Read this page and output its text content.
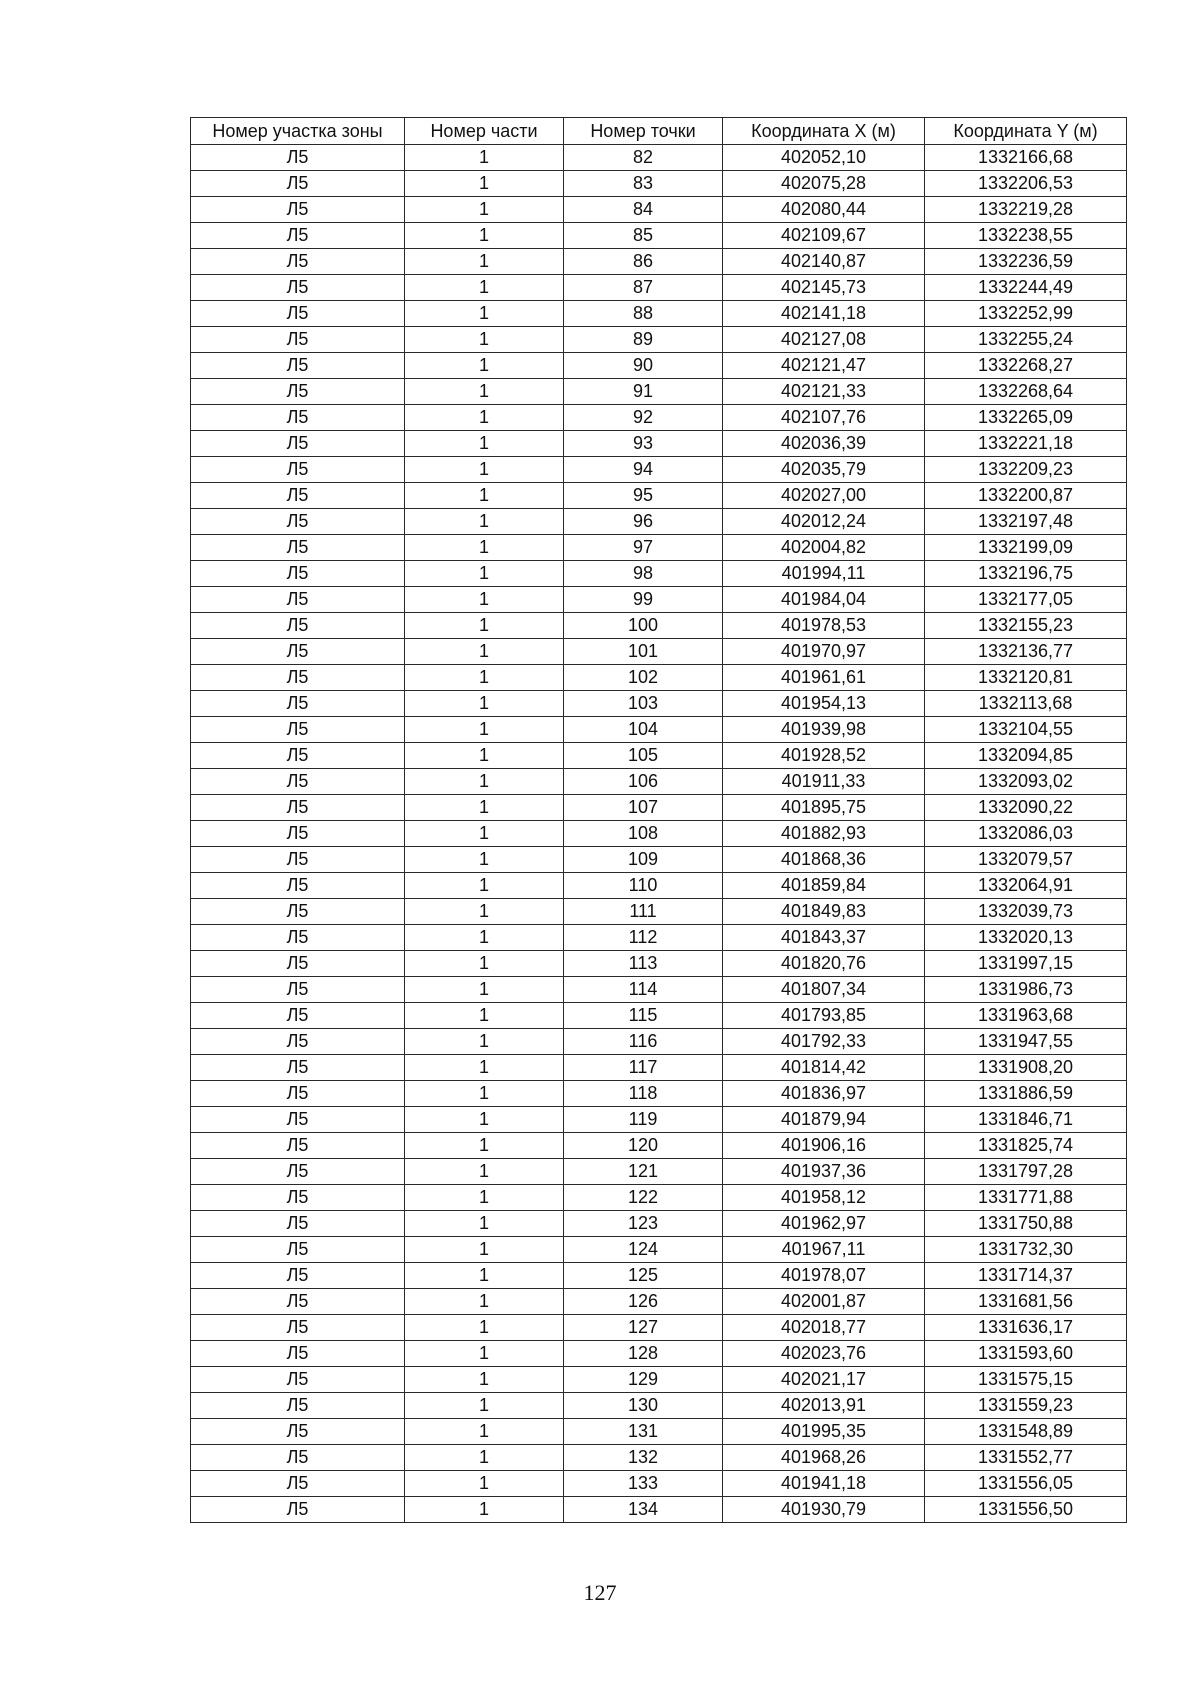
Номер участка зоны	Номер части	Номер точки	Координата X (м)	Координата Y (м)
Л5	1	82	402052,10	1332166,68
Л5	1	83	402075,28	1332206,53
Л5	1	84	402080,44	1332219,28
Л5	1	85	402109,67	1332238,55
Л5	1	86	402140,87	1332236,59
Л5	1	87	402145,73	1332244,49
Л5	1	88	402141,18	1332252,99
Л5	1	89	402127,08	1332255,24
Л5	1	90	402121,47	1332268,27
Л5	1	91	402121,33	1332268,64
Л5	1	92	402107,76	1332265,09
Л5	1	93	402036,39	1332221,18
Л5	1	94	402035,79	1332209,23
Л5	1	95	402027,00	1332200,87
Л5	1	96	402012,24	1332197,48
Л5	1	97	402004,82	1332199,09
Л5	1	98	401994,11	1332196,75
Л5	1	99	401984,04	1332177,05
Л5	1	100	401978,53	1332155,23
Л5	1	101	401970,97	1332136,77
Л5	1	102	401961,61	1332120,81
Л5	1	103	401954,13	1332113,68
Л5	1	104	401939,98	1332104,55
Л5	1	105	401928,52	1332094,85
Л5	1	106	401911,33	1332093,02
Л5	1	107	401895,75	1332090,22
Л5	1	108	401882,93	1332086,03
Л5	1	109	401868,36	1332079,57
Л5	1	110	401859,84	1332064,91
Л5	1	111	401849,83	1332039,73
Л5	1	112	401843,37	1332020,13
Л5	1	113	401820,76	1331997,15
Л5	1	114	401807,34	1331986,73
Л5	1	115	401793,85	1331963,68
Л5	1	116	401792,33	1331947,55
Л5	1	117	401814,42	1331908,20
Л5	1	118	401836,97	1331886,59
Л5	1	119	401879,94	1331846,71
Л5	1	120	401906,16	1331825,74
Л5	1	121	401937,36	1331797,28
Л5	1	122	401958,12	1331771,88
Л5	1	123	401962,97	1331750,88
Л5	1	124	401967,11	1331732,30
Л5	1	125	401978,07	1331714,37
Л5	1	126	402001,87	1331681,56
Л5	1	127	402018,77	1331636,17
Л5	1	128	402023,76	1331593,60
Л5	1	129	402021,17	1331575,15
Л5	1	130	402013,91	1331559,23
Л5	1	131	401995,35	1331548,89
Л5	1	132	401968,26	1331552,77
Л5	1	133	401941,18	1331556,05
Л5	1	134	401930,79	1331556,50
127
